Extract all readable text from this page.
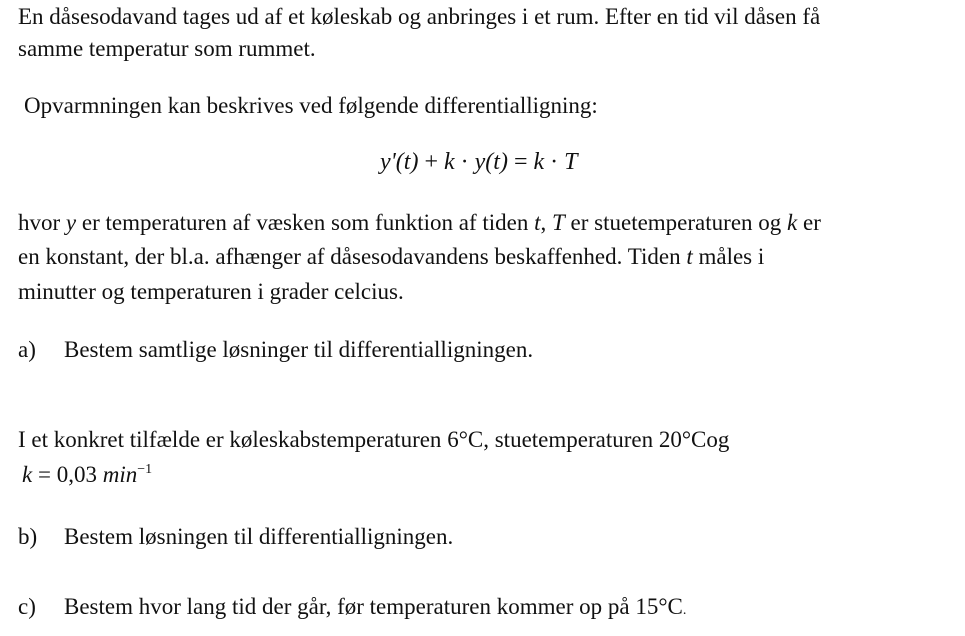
En dåsesodavand tages ud af et køleskab og anbringes i et rum. Efter en tid vil dåsen få
samme temperatur som rummet.
Opvarmningen kan beskrives ved følgende differentialligning:
y'(t) + k · y(t) = k · T
hvor y er temperaturen af væsken som funktion af tiden t, T er stuetemperaturen og k er
en konstant, der bl.a. afhænger af dåsesodavandens beskaffenhed. Tiden t måles i
minutter og temperaturen i grader celcius.
a) Bestem samtlige løsninger til differentialligningen.
I et konkret tilfælde er køleskabstemperaturen 6°C, stuetemperaturen 20°Cog
k = 0,03 $\min^{-1}$
b) Bestem løsningen til differentialligningen.
c) Bestem hvor lang tid der går, før temperaturen kommer op på 15°C.
